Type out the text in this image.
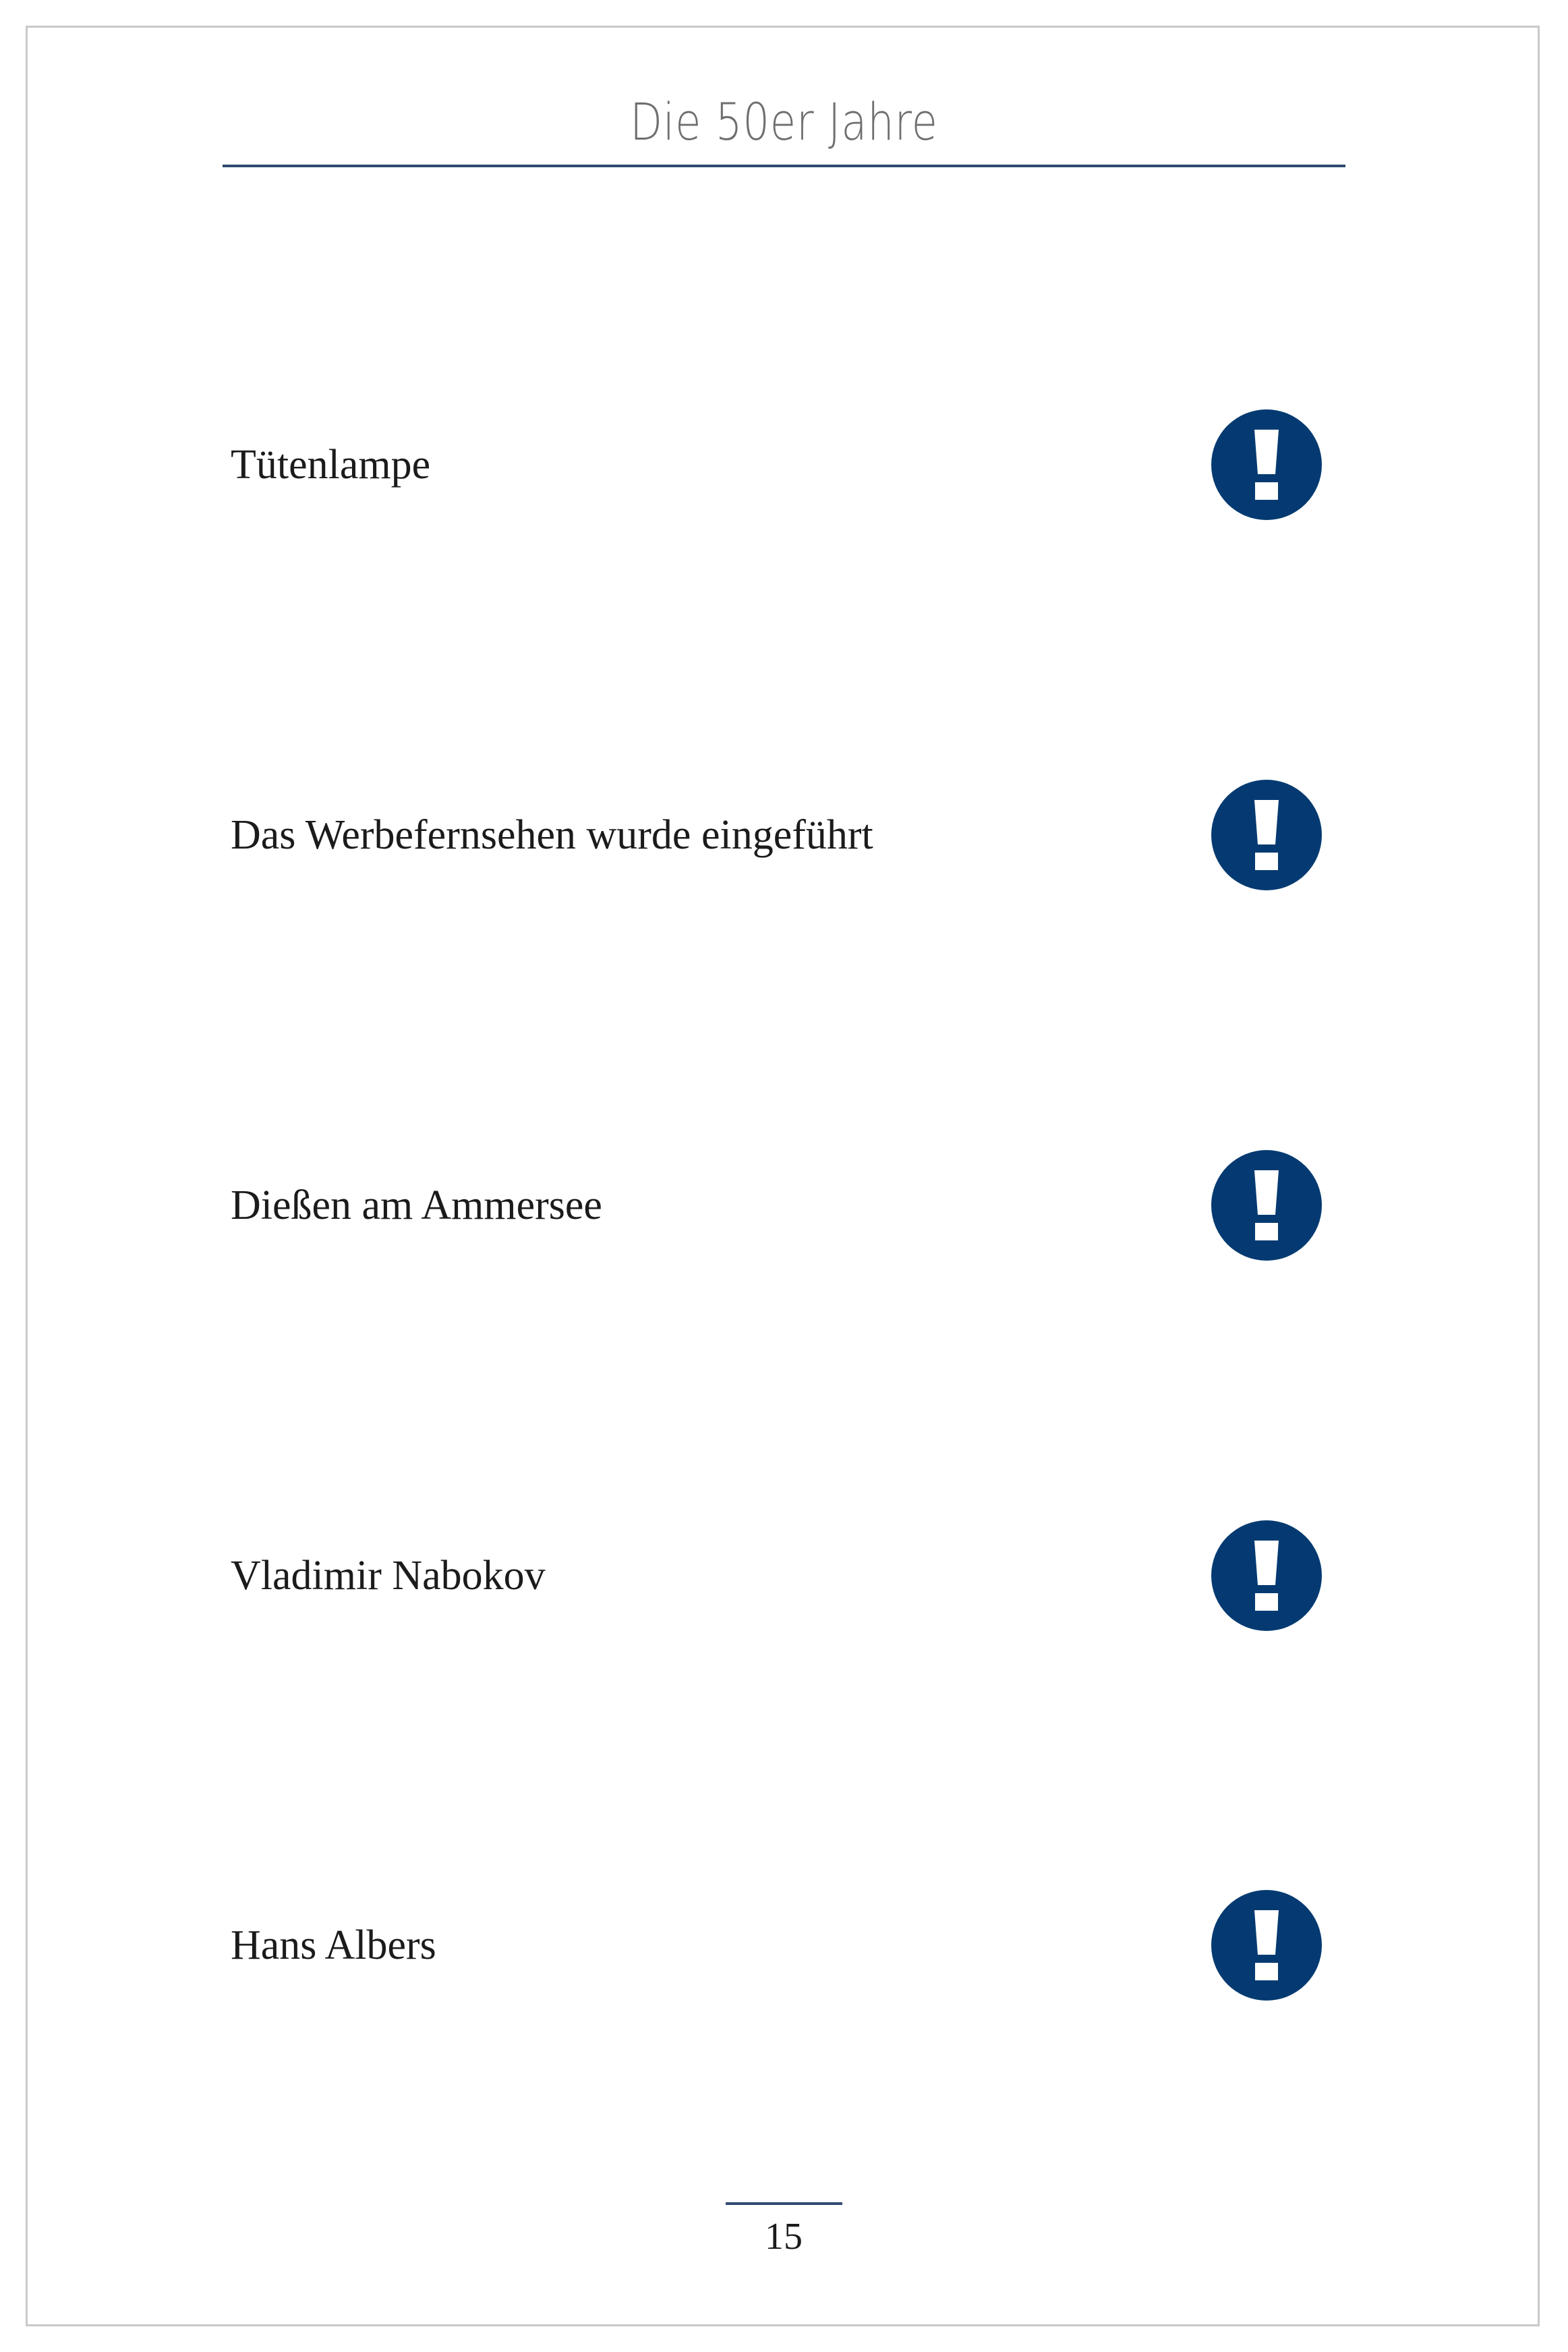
Die 50er Jahre
Tütenlampe
Das Werbefernsehen wurde eingeführt
Dießen am Ammersee
Vladimir Nabokov
Hans Albers
15
